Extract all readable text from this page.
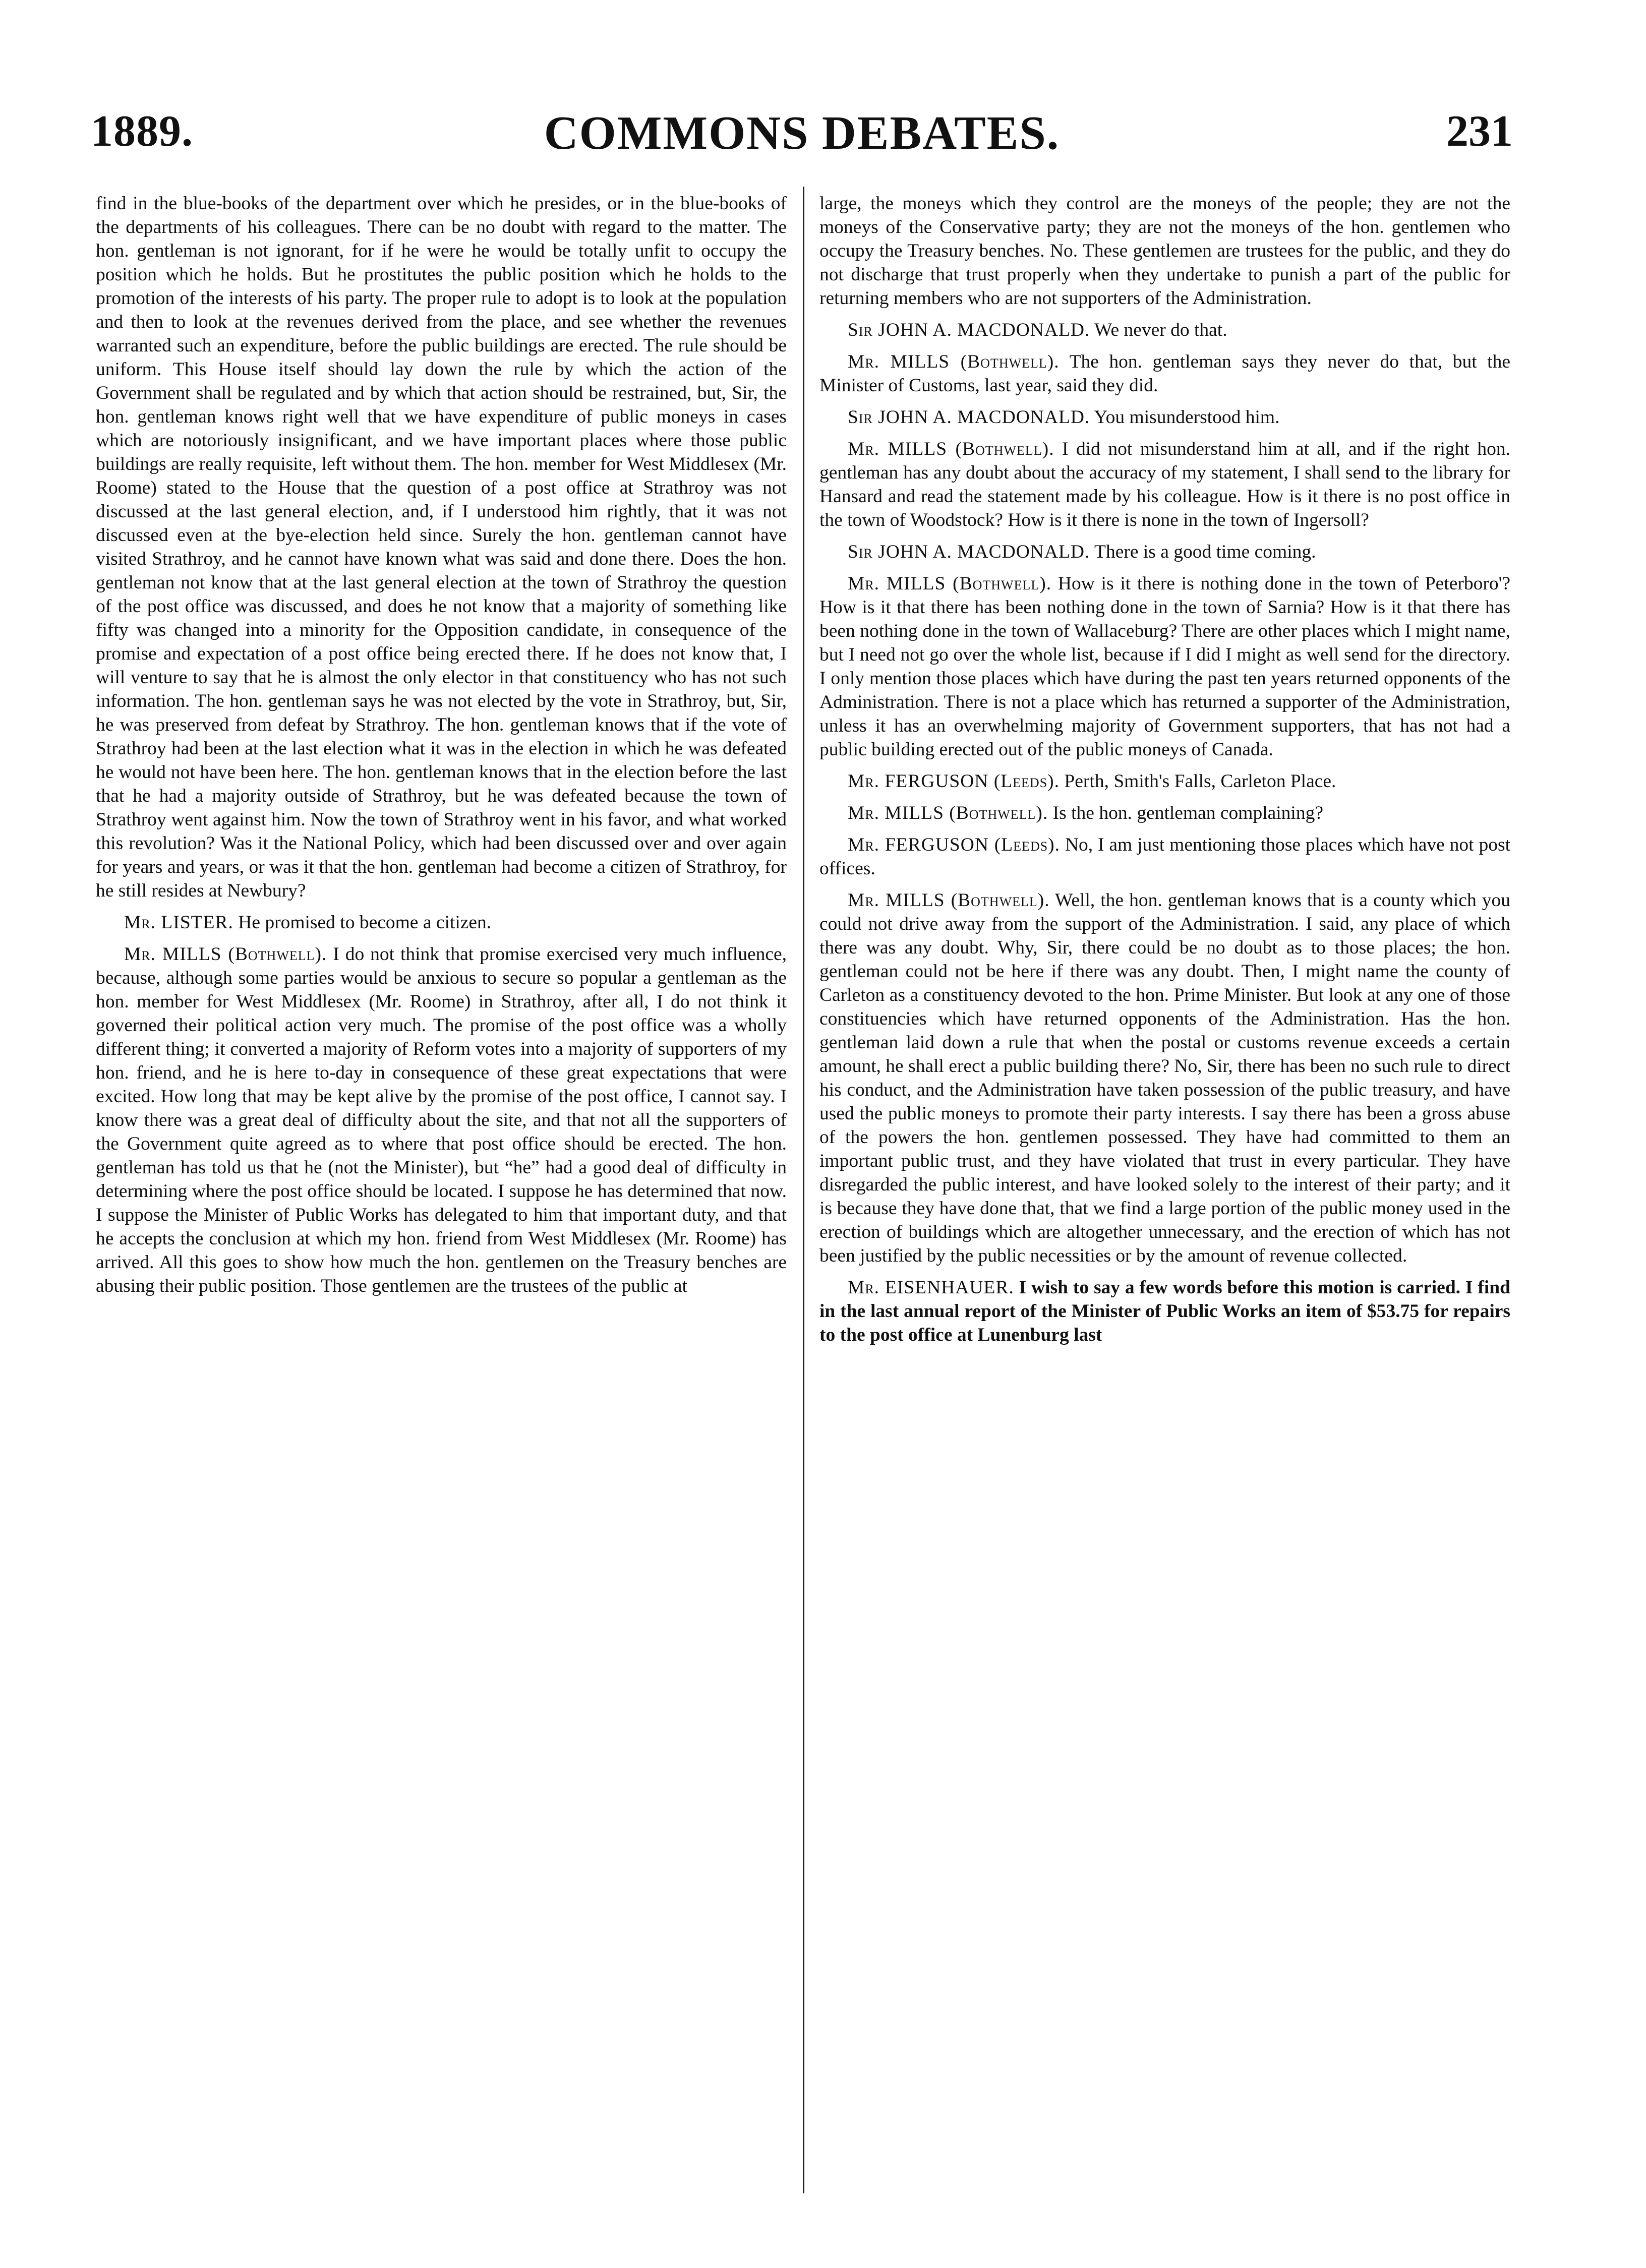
1889.	COMMONS DEBATES.	231

find in the blue-books of the department over which he presides, or in the blue-books of the departments of his colleagues. There can be no doubt with regard to the matter. The hon. gentleman is not ignorant, for if he were he would be totally unfit to occupy the position which he holds. But he prostitutes the public position which he holds to the promotion of the interests of his party. The proper rule to adopt is to look at the population and then to look at the revenues derived from the place, and see whether the revenues warranted such an expenditure, before the public buildings are erected. The rule should be uniform. This House itself should lay down the rule by which the action of the Government shall be regulated and by which that action should be restrained, but, Sir, the hon. gentleman knows right well that we have expenditure of public moneys in cases which are notoriously insignificant, and we have important places where those public buildings are really requisite, left without them. The hon. member for West Middlesex (Mr. Roome) stated to the House that the question of a post office at Strathroy was not discussed at the last general election, and, if I understood him rightly, that it was not discussed even at the bye-election held since. Surely the hon. gentleman cannot have visited Strathroy, and he cannot have known what was said and done there. Does the hon. gentleman not know that at the last general election at the town of Strathroy the question of the post office was discussed, and does he not know that a majority of something like fifty was changed into a minority for the Opposition candidate, in consequence of the promise and expectation of a post office being erected there. If he does not know that, I will venture to say that he is almost the only elector in that constituency who has not such information. The hon. gentleman says he was not elected by the vote in Strathroy, but, Sir, he was preserved from defeat by Strathroy. The hon. gentleman knows that if the vote of Strathroy had been at the last election what it was in the election in which he was defeated he would not have been here. The hon. gentleman knows that in the election before the last that he had a majority outside of Strathroy, but he was defeated because the town of Strathroy went against him. Now the town of Strathroy went in his favor, and what worked this revolution? Was it the National Policy, which had been discussed over and over again for years and years, or was it that the hon. gentleman had become a citizen of Strathroy, for he still resides at Newbury?

Mr. LISTER. He promised to become a citizen.

Mr. MILLS (Bothwell). I do not think that promise exercised very much influence, because, although some parties would be anxious to secure so popular a gentleman as the hon. member for West Middlesex (Mr. Roome) in Strathroy, after all, I do not think it governed their political action very much. The promise of the post office was a wholly different thing; it converted a majority of Reform votes into a majority of supporters of my hon. friend, and he is here to-day in consequence of these great expectations that were excited. How long that may be kept alive by the promise of the post office, I cannot say. I know there was a great deal of difficulty about the site, and that not all the supporters of the Government quite agreed as to where that post office should be erected. The hon. gentleman has told us that he (not the Minister), but “he” had a good deal of difficulty in determining where the post office should be located. I suppose he has determined that now. I suppose the Minister of Public Works has delegated to him that important duty, and that he accepts the conclusion at which my hon. friend from West Middlesex (Mr. Roome) has arrived. All this goes to show how much the hon. gentlemen on the Treasury benches are abusing their public position. Those gentlemen are the trustees of the public at

large, the moneys which they control are the moneys of the people; they are not the moneys of the Conservative party; they are not the moneys of the hon. gentlemen who occupy the Treasury benches. No. These gentlemen are trustees for the public, and they do not discharge that trust properly when they undertake to punish a part of the public for returning members who are not supporters of the Administration.

Sir JOHN A. MACDONALD. We never do that.

Mr. MILLS (Bothwell). The hon. gentleman says they never do that, but the Minister of Customs, last year, said they did.

Sir JOHN A. MACDONALD. You misunderstood him.

Mr. MILLS (Bothwell). I did not misunderstand him at all, and if the right hon. gentleman has any doubt about the accuracy of my statement, I shall send to the library for Hansard and read the statement made by his colleague. How is it there is no post office in the town of Woodstock? How is it there is none in the town of Ingersoll?

Sir JOHN A. MACDONALD. There is a good time coming.

Mr. MILLS (Bothwell). How is it there is nothing done in the town of Peterboro'? How is it that there has been nothing done in the town of Sarnia? How is it that there has been nothing done in the town of Wallaceburg? There are other places which I might name, but I need not go over the whole list, because if I did I might as well send for the directory. I only mention those places which have during the past ten years returned opponents of the Administration. There is not a place which has returned a supporter of the Administration, unless it has an overwhelming majority of Government supporters, that has not had a public building erected out of the public moneys of Canada.

Mr. FERGUSON (Leeds). Perth, Smith's Falls, Carleton Place.

Mr. MILLS (Bothwell). Is the hon. gentleman complaining?

Mr. FERGUSON (Leeds). No, I am just mentioning those places which have not post offices.

Mr. MILLS (Bothwell). Well, the hon. gentleman knows that is a county which you could not drive away from the support of the Administration. I said, any place of which there was any doubt. Why, Sir, there could be no doubt as to those places; the hon. gentleman could not be here if there was any doubt. Then, I might name the county of Carleton as a constituency devoted to the hon. Prime Minister. But look at any one of those constituencies which have returned opponents of the Administration. Has the hon. gentleman laid down a rule that when the postal or customs revenue exceeds a certain amount, he shall erect a public building there? No, Sir, there has been no such rule to direct his conduct, and the Administration have taken possession of the public treasury, and have used the public moneys to promote their party interests. I say there has been a gross abuse of the powers the hon. gentlemen possessed. They have had committed to them an important public trust, and they have violated that trust in every particular. They have disregarded the public interest, and have looked solely to the interest of their party; and it is because they have done that, that we find a large portion of the public money used in the erection of buildings which are altogether unnecessary, and the erection of which has not been justified by the public necessities or by the amount of revenue collected.

Mr. EISENHAUER. I wish to say a few words before this motion is carried. I find in the last annual report of the Minister of Public Works an item of $53.75 for repairs to the post office at Lunenburg last
